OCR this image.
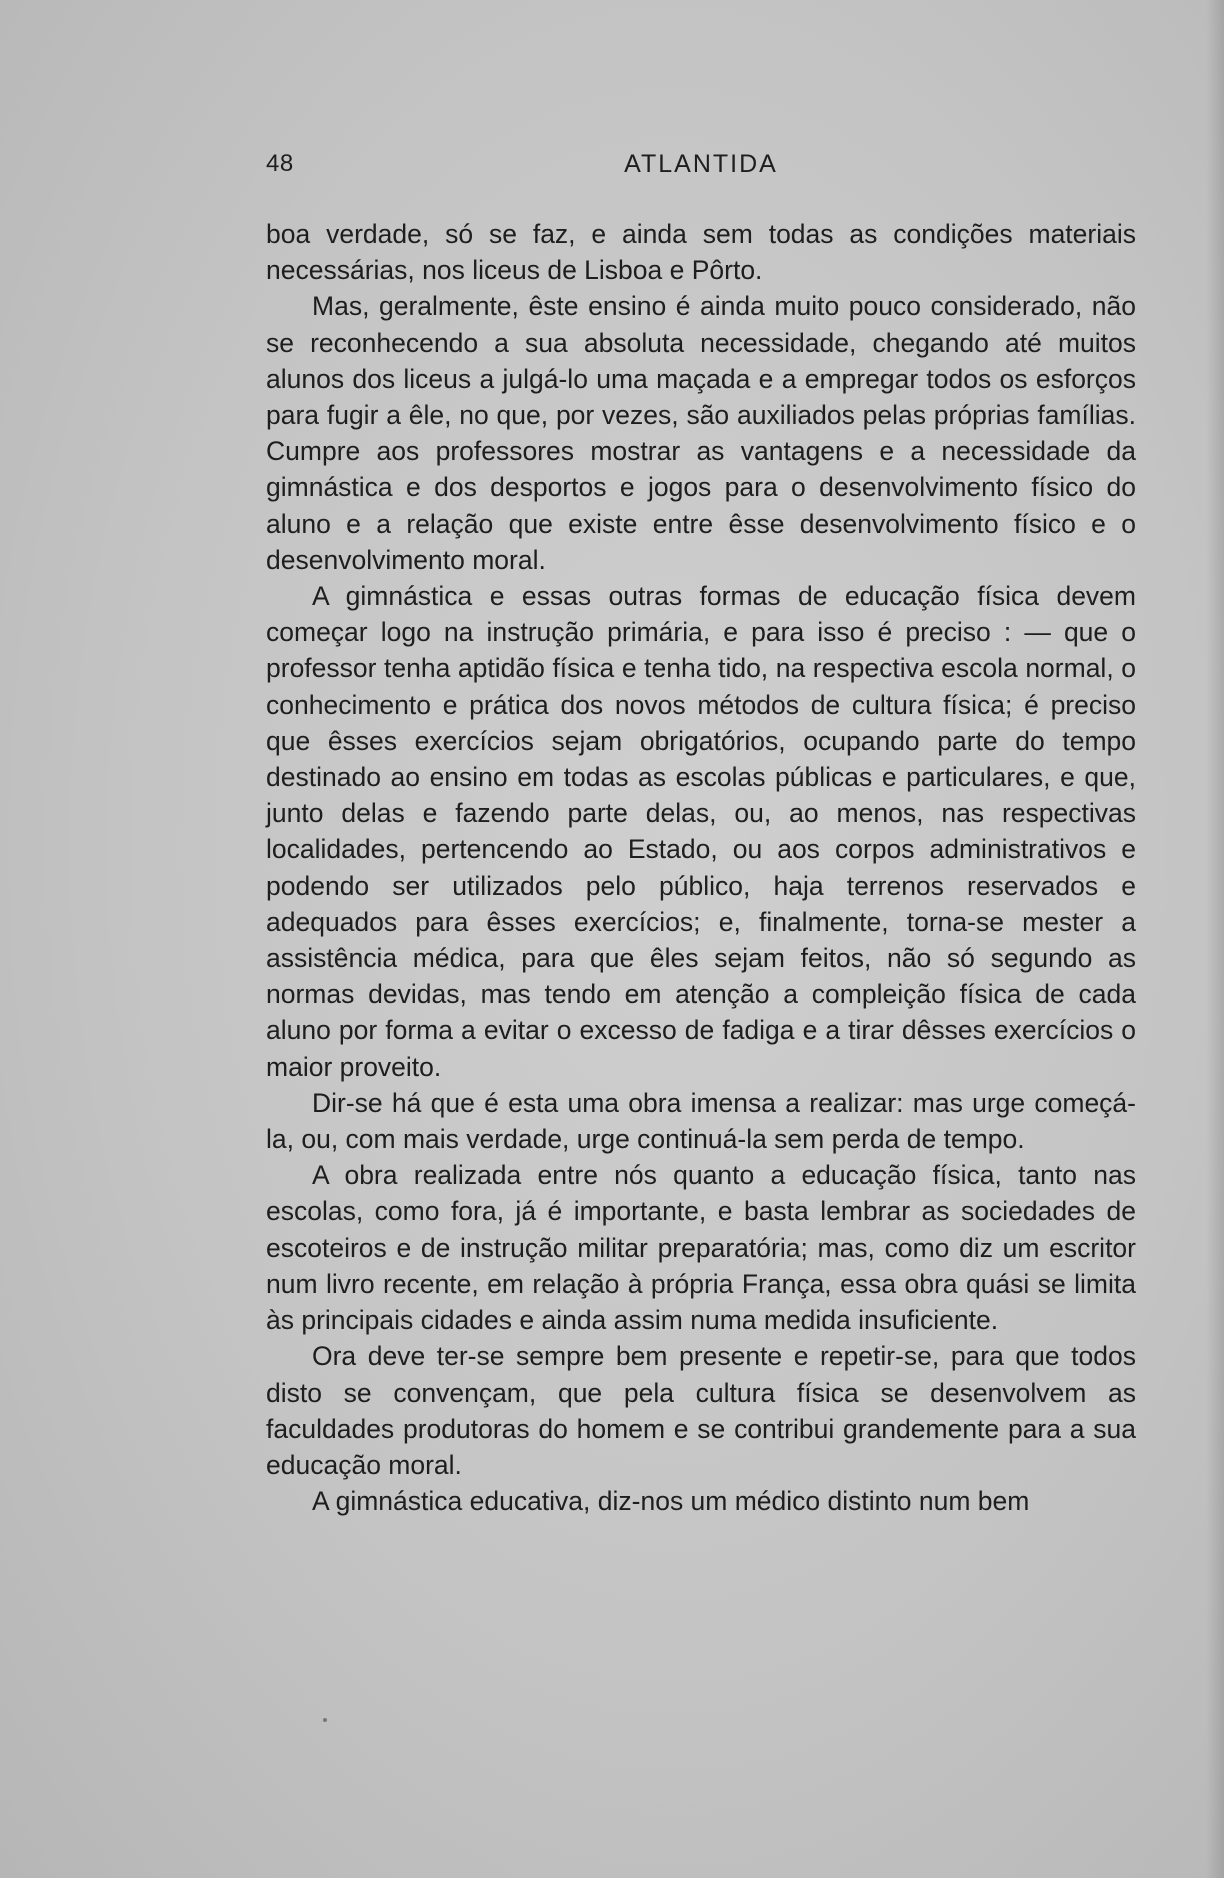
48	ATLANTIDA

boa verdade, só se faz, e ainda sem todas as condições materiais necessárias, nos liceus de Lisboa e Pôrto.

Mas, geralmente, êste ensino é ainda muito pouco considerado, não se reconhecendo a sua absoluta necessidade, chegando até muitos alunos dos liceus a julgá-lo uma maçada e a empregar todos os esforços para fugir a êle, no que, por vezes, são auxiliados pelas próprias famílias. Cumpre aos professores mostrar as vantagens e a necessidade da gimnástica e dos desportos e jogos para o desenvolvimento físico do aluno e a relação que existe entre êsse desenvolvimento físico e o desenvolvimento moral.

A gimnástica e essas outras formas de educação física devem começar logo na instrução primária, e para isso é preciso : — que o professor tenha aptidão física e tenha tido, na respectiva escola normal, o conhecimento e prática dos novos métodos de cultura física; é preciso que êsses exercícios sejam obrigatórios, ocupando parte do tempo destinado ao ensino em todas as escolas públicas e particulares, e que, junto delas e fazendo parte delas, ou, ao menos, nas respectivas localidades, pertencendo ao Estado, ou aos corpos administrativos e podendo ser utilizados pelo público, haja terrenos reservados e adequados para êsses exercícios; e, finalmente, torna-se mester a assistência médica, para que êles sejam feitos, não só segundo as normas devidas, mas tendo em atenção a compleição física de cada aluno por forma a evitar o excesso de fadiga e a tirar dêsses exercícios o maior proveito.

Dir-se há que é esta uma obra imensa a realizar: mas urge começá-la, ou, com mais verdade, urge continuá-la sem perda de tempo.

A obra realizada entre nós quanto a educação física, tanto nas escolas, como fora, já é importante, e basta lembrar as sociedades de escoteiros e de instrução militar preparatória; mas, como diz um escritor num livro recente, em relação à própria França, essa obra quási se limita às principais cidades e ainda assim numa medida insuficiente.

Ora deve ter-se sempre bem presente e repetir-se, para que todos disto se convençam, que pela cultura física se desenvolvem as faculdades produtoras do homem e se contribui grandemente para a sua educação moral.

A gimnástica educativa, diz-nos um médico distinto num bem
